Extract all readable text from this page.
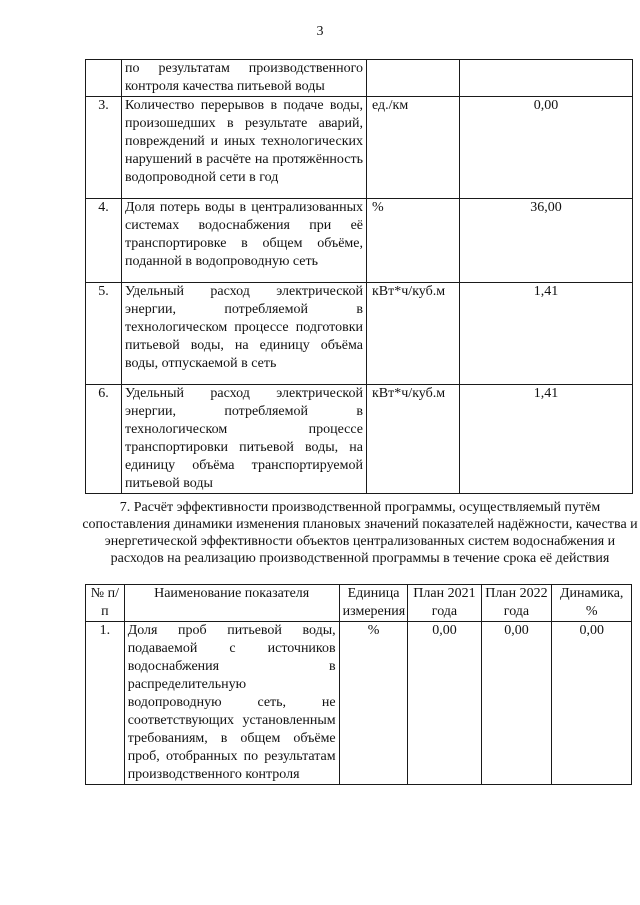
3
	по результатам производственного контроля качества питьевой воды		
3.	Количество перерывов в подаче воды, произошедших в результате аварий, повреждений и иных технологических нарушений в расчёте на протяжённость водопроводной сети в год	ед./км	0,00
4.	Доля потерь воды в централизованных системах водоснабжения при её транспортировке в общем объёме, поданной в водопроводную сеть	%	36,00
5.	Удельный расход электрической энергии, потребляемой в технологическом процессе подготовки питьевой воды, на единицу объёма воды, отпускаемой в сеть	кВт*ч/куб.м	1,41
6.	Удельный расход электрической энергии, потребляемой в технологическом процессе транспортировки питьевой воды, на единицу объёма транспортируемой питьевой воды	кВт*ч/куб.м	1,41
7. Расчёт эффективности производственной программы, осуществляемый путём сопоставления динамики изменения плановых значений показателей надёжности, качества и энергетической эффективности объектов централизованных систем водоснабжения и расходов на реализацию производственной программы в течение срока её действия
№ п/п	Наименование показателя	Единица измерения	План 2021 года	План 2022 года	Динамика, %
1.	Доля проб питьевой воды, подаваемой с источников водоснабжения в распределительную водопроводную сеть, не соответствующих установленным требованиям, в общем объёме проб, отобранных по результатам производственного контроля	%	0,00	0,00	0,00
